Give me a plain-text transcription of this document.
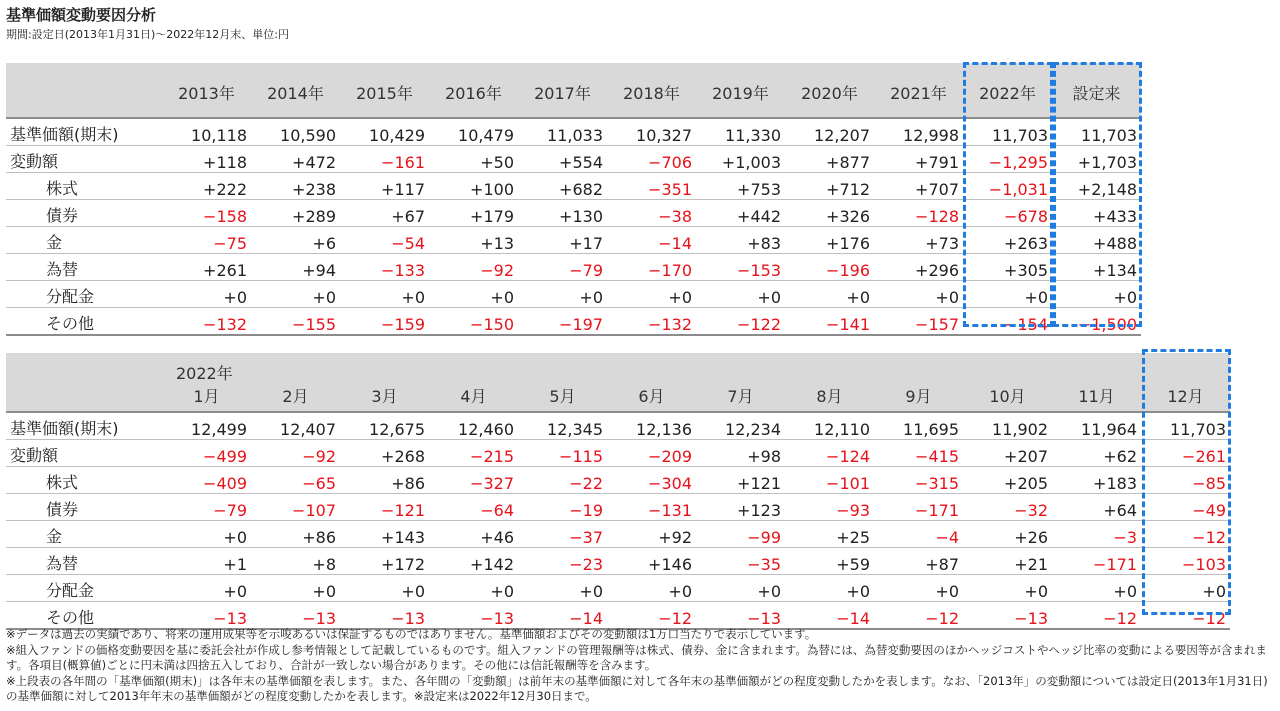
基準価額変動要因分析
期間:設定日(2013年1月31日)～2022年12月末、単位:円
	2013年	2014年	2015年	2016年	2017年	2018年	2019年	2020年	2021年	2022年	設定来
基準価額(期末)	10,118	10,590	10,429	10,479	11,033	10,327	11,330	12,207	12,998	11,703	11,703
変動額	+118	+472	−161	+50	+554	−706	+1,003	+877	+791	−1,295	+1,703
株式	+222	+238	+117	+100	+682	−351	+753	+712	+707	−1,031	+2,148
債券	−158	+289	+67	+179	+130	−38	+442	+326	−128	−678	+433
金	−75	+6	−54	+13	+17	−14	+83	+176	+73	+263	+488
為替	+261	+94	−133	−92	−79	−170	−153	−196	+296	+305	+134
分配金	+0	+0	+0	+0	+0	+0	+0	+0	+0	+0	+0
その他	−132	−155	−159	−150	−197	−132	−122	−141	−157	−154	−1,500

	2022年
1月	2月	3月	4月	5月	6月	7月	8月	9月	10月	11月	12月
基準価額(期末)	12,499	12,407	12,675	12,460	12,345	12,136	12,234	12,110	11,695	11,902	11,964	11,703
変動額	−499	−92	+268	−215	−115	−209	+98	−124	−415	+207	+62	−261
株式	−409	−65	+86	−327	−22	−304	+121	−101	−315	+205	+183	−85
債券	−79	−107	−121	−64	−19	−131	+123	−93	−171	−32	+64	−49
金	+0	+86	+143	+46	−37	+92	−99	+25	−4	+26	−3	−12
為替	+1	+8	+172	+142	−23	+146	−35	+59	+87	+21	−171	−103
分配金	+0	+0	+0	+0	+0	+0	+0	+0	+0	+0	+0	+0
その他	−13	−13	−13	−13	−14	−12	−13	−14	−12	−13	−12	−12

※データは過去の実績であり、将来の運用成果等を示唆あるいは保証するものではありません。基準価額およびその変動額は1万口当たりで表示しています。

※組入ファンドの価格変動要因を基に委託会社が作成し参考情報として記載しているものです。組入ファンドの管理報酬等は株式、債券、金に含まれます。為替には、為替変動要因のほかヘッジコストやヘッジ比率の変動による要因等が含まれます。各項目(概算値)ごとに円未満は四捨五入しており、合計が一致しない場合があります。その他には信託報酬等を含みます。

※上段表の各年間の「基準価額(期末)」は各年末の基準価額を表します。また、各年間の「変動額」は前年末の基準価額に対して各年末の基準価額がどの程度変動したかを表します。なお、「2013年」の変動額については設定日(2013年1月31日)の基準価額に対して2013年年末の基準価額がどの程度変動したかを表します。※設定来は2022年12月30日まで。
